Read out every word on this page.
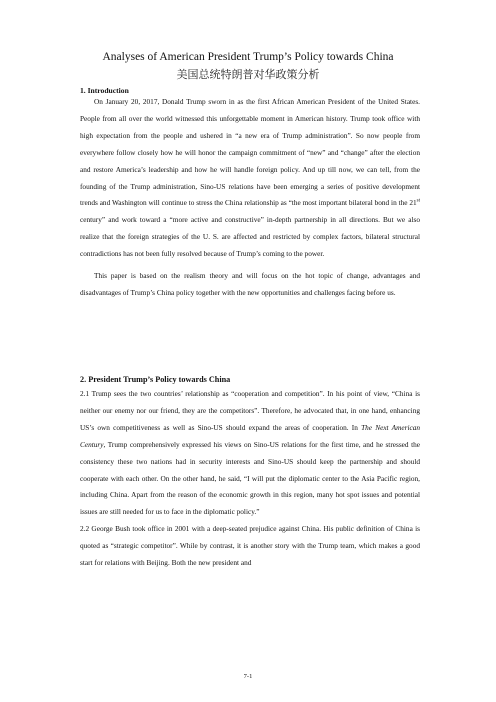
Analyses of American President Trump’s Policy towards China
美国总统特朗普对华政策分析

1. Introduction

On January 20, 2017, Donald Trump sworn in as the first African American President of the United States. People from all over the world witnessed this unforgettable moment in American history. Trump took office with high expectation from the people and ushered in “a new era of Trump administration”. So now people from everywhere follow closely how he will honor the campaign commitment of “new” and “change” after the election and restore America’s leadership and how he will handle foreign policy. And up till now, we can tell, from the founding of the Trump administration, Sino-US relations have been emerging a series of positive development trends and Washington will continue to stress the China relationship as “the most important bilateral bond in the 21st century” and work toward a “more active and constructive” in-depth partnership in all directions. But we also realize that the foreign strategies of the U. S. are affected and restricted by complex factors, bilateral structural contradictions has not been fully resolved because of Trump’s coming to the power.

This paper is based on the realism theory and will focus on the hot topic of change, advantages and disadvantages of Trump’s China policy together with the new opportunities and challenges facing before us.

2. President Trump’s Policy towards China

2.1 Trump sees the two countries’ relationship as “cooperation and competition”. In his point of view, “China is neither our enemy nor our friend, they are the competitors”. Therefore, he advocated that, in one hand, enhancing US’s own competitiveness as well as Sino-US should expand the areas of cooperation. In The Next American Century, Trump comprehensively expressed his views on Sino-US relations for the first time, and he stressed the consistency these two nations had in security interests and Sino-US should keep the partnership and should cooperate with each other. On the other hand, he said, “I will put the diplomatic center to the Asia Pacific region, including China. Apart from the reason of the economic growth in this region, many hot spot issues and potential issues are still needed for us to face in the diplomatic policy.”

2.2 George Bush took office in 2001 with a deep-seated prejudice against China. His public definition of China is quoted as “strategic competitor”. While by contrast, it is another story with the Trump team, which makes a good start for relations with Beijing. Both the new president and

7-1
